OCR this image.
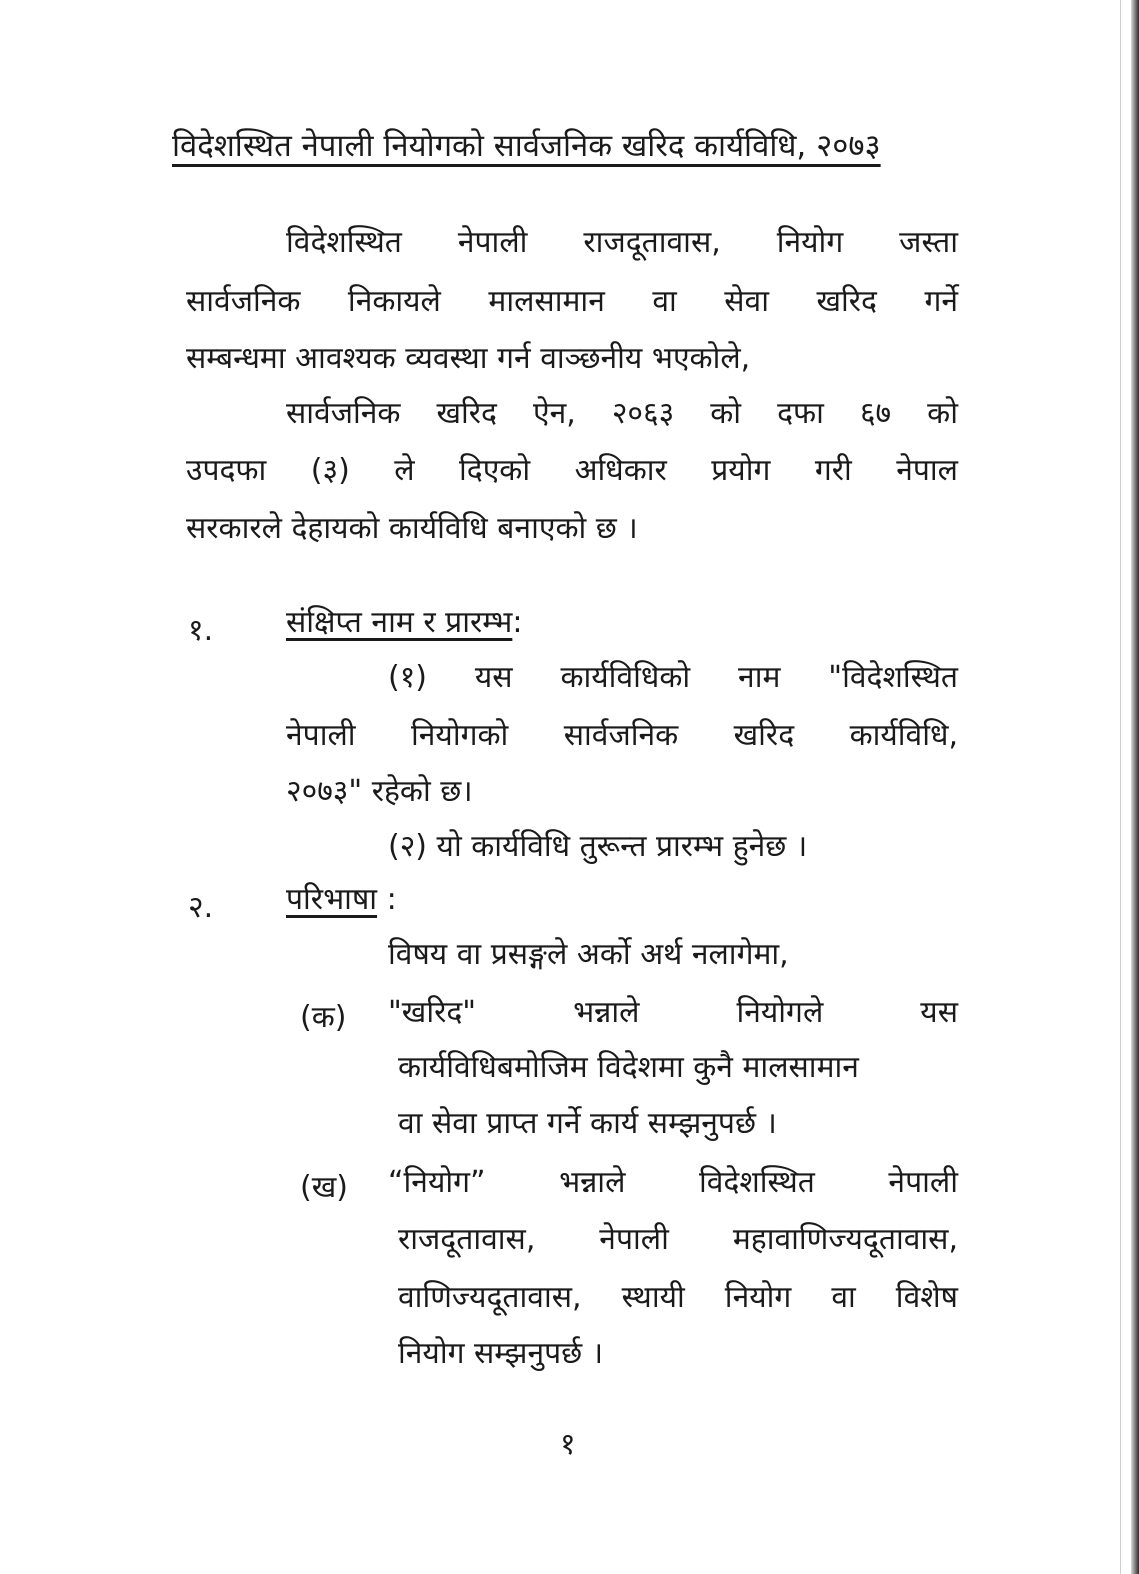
विदेशस्थित नेपाली नियोगको सार्वजनिक खरिद कार्यविधि, २०७३
विदेशस्थित नेपाली राजदूतावास, नियोग जस्ता
सार्वजनिक निकायले मालसामान वा सेवा खरिद गर्ने
सम्बन्धमा आवश्यक व्यवस्था गर्न वाञ्छनीय भएकोले,
सार्वजनिक खरिद ऐन, २०६३ को दफा ६७ को
उपदफा (३) ले दिएको अधिकार प्रयोग गरी नेपाल
सरकारले देहायको कार्यविधि बनाएको छ ।
१. संक्षिप्त नाम र प्रारम्भ:
(१) यस कार्यविधिको नाम "विदेशस्थित
नेपाली नियोगको सार्वजनिक खरिद कार्यविधि,
२०७३" रहेको छ।
(२) यो कार्यविधि तुरून्त प्रारम्भ हुनेछ ।
२. परिभाषा :
विषय वा प्रसङ्गले अर्को अर्थ नलागेमा,
(क) "खरिद" भन्नाले नियोगले यस
कार्यविधिबमोजिम विदेशमा कुनै मालसामान
वा सेवा प्राप्त गर्ने कार्य सम्झनुपर्छ ।
(ख) “नियोग” भन्नाले विदेशस्थित नेपाली
राजदूतावास, नेपाली महावाणिज्यदूतावास,
वाणिज्यदूतावास, स्थायी नियोग वा विशेष
नियोग सम्झनुपर्छ ।
१
